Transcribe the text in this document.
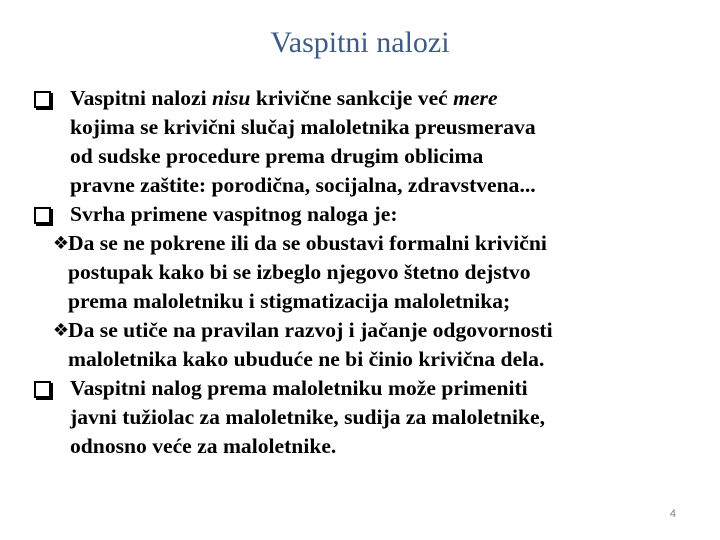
Vaspitni nalozi
Vaspitni nalozi nisu krivične sankcije već mere
kojima se krivični slučaj maloletnika preusmerava
od sudske procedure prema drugim oblicima
pravne zaštite: porodična, socijalna, zdravstvena...
Svrha primene vaspitnog naloga je:
❖
Da se ne pokrene ili da se obustavi formalni krivični
postupak kako bi se izbeglo njegovo štetno dejstvo
prema maloletniku i stigmatizacija maloletnika;
❖
Da se utiče na pravilan razvoj i jačanje odgovornosti
maloletnika kako ubuduće ne bi činio krivična dela.
Vaspitni nalog prema maloletniku može primeniti
javni tužiolac za maloletnike, sudija za maloletnike,
odnosno veće za maloletnike.
4
